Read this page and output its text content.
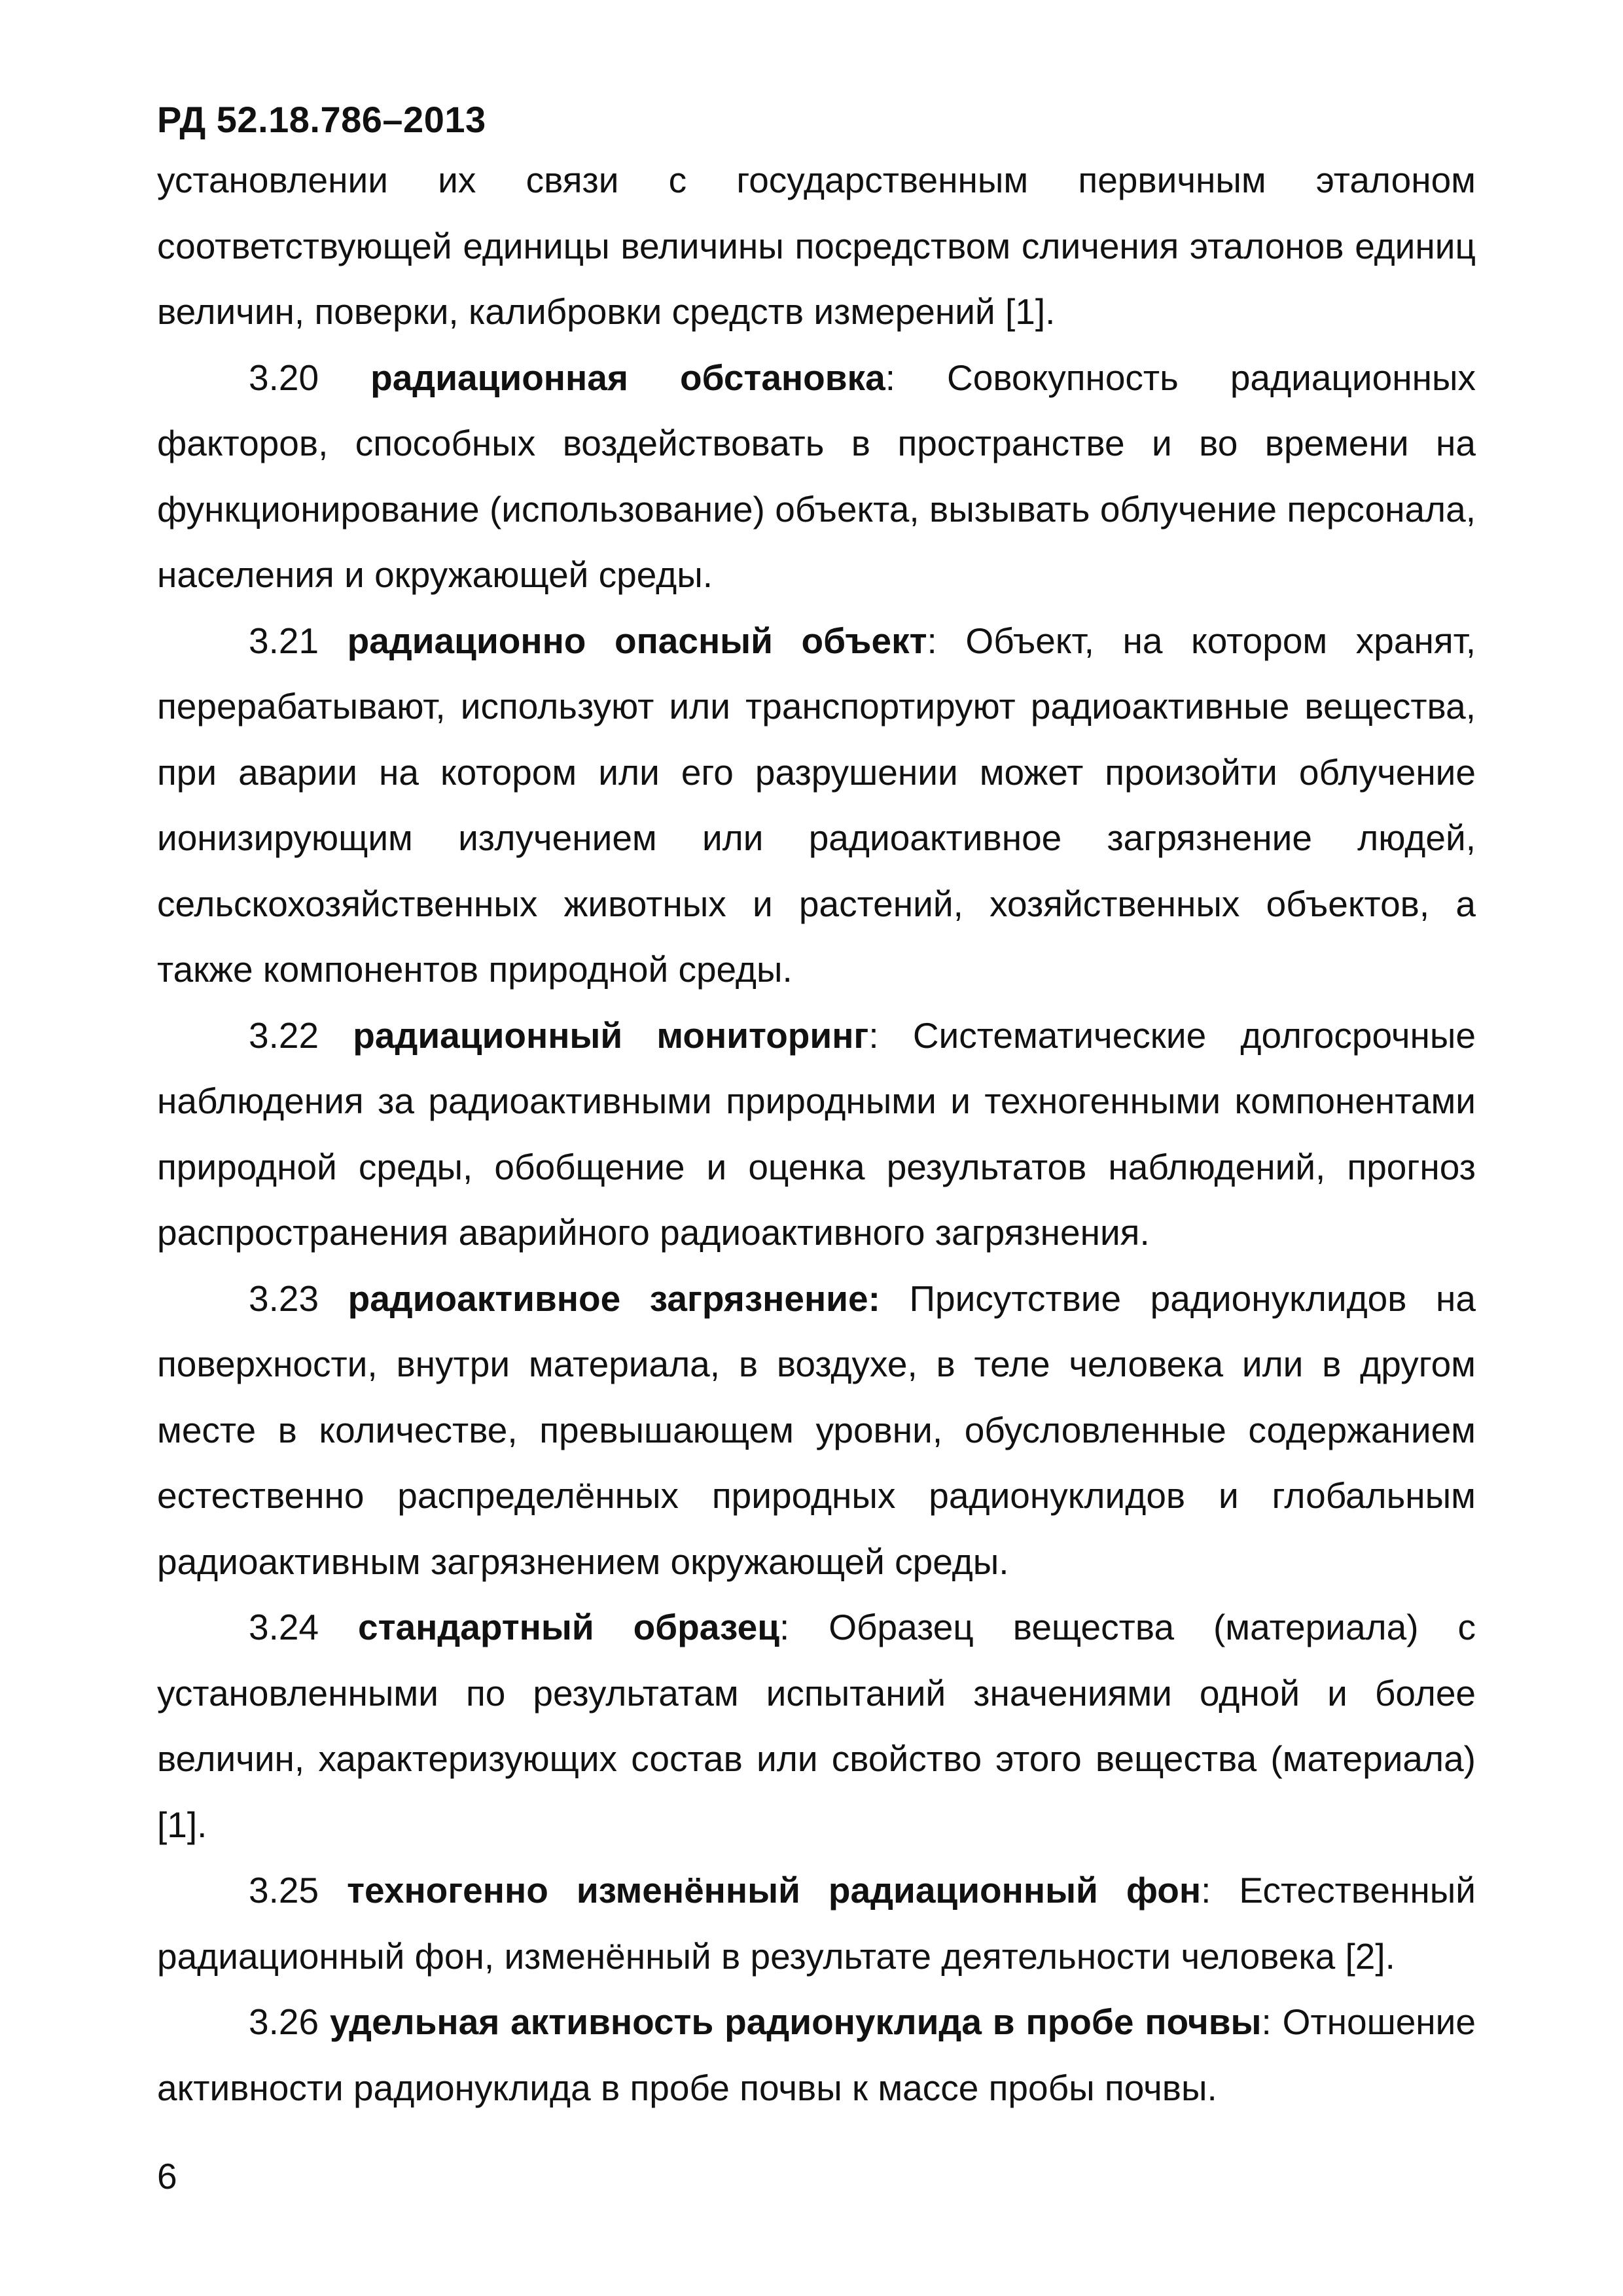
РД 52.18.786–2013

установлении их связи с государственным первичным эталоном соответствующей единицы величины посредством сличения эталонов единиц величин, поверки, калибровки средств измерений [1].

3.20 радиационная обстановка: Совокупность радиационных факторов, способных воздействовать в пространстве и во времени на функционирование (использование) объекта, вызывать облучение персонала, населения и окружающей среды.

3.21 радиационно опасный объект: Объект, на котором хранят, перерабатывают, используют или транспортируют радиоактивные вещества, при аварии на котором или его разрушении может произойти облучение ионизирующим излучением или радиоактивное загрязнение людей, сельскохозяйственных животных и растений, хозяйственных объектов, а также компонентов природной среды.

3.22 радиационный мониторинг: Систематические долгосрочные наблюдения за радиоактивными природными и техногенными компонентами природной среды, обобщение и оценка результатов наблюдений, прогноз распространения аварийного радиоактивного загрязнения.

3.23 радиоактивное загрязнение: Присутствие радионуклидов на поверхности, внутри материала, в воздухе, в теле человека или в другом месте в количестве, превышающем уровни, обусловленные содержанием естественно распределённых природных радионуклидов и глобальным радиоактивным загрязнением окружающей среды.

3.24 стандартный образец: Образец вещества (материала) с установленными по результатам испытаний значениями одной и более величин, характеризующих состав или свойство этого вещества (материала) [1].

3.25 техногенно изменённый радиационный фон: Естественный радиационный фон, изменённый в результате деятельности человека [2].

3.26 удельная активность радионуклида в пробе почвы: Отношение активности радионуклида в пробе почвы к массе пробы почвы.

6
